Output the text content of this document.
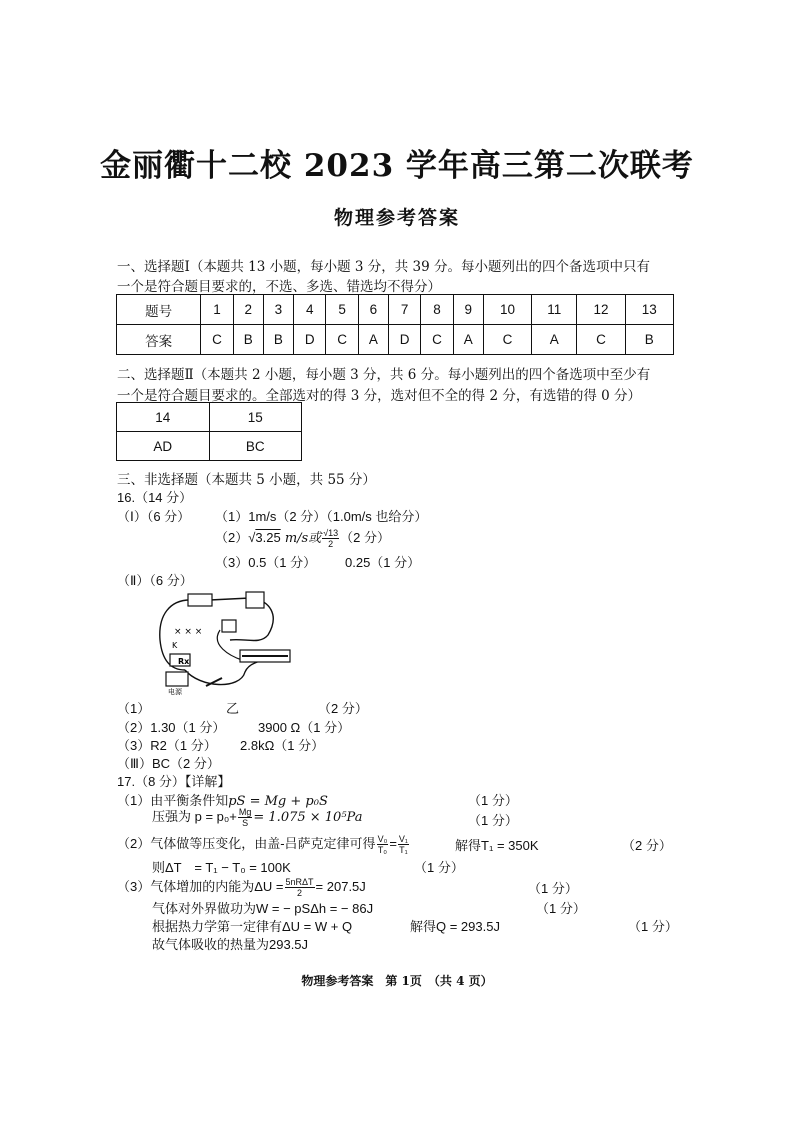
金丽衢十二校 2023 学年高三第二次联考
物理参考答案
一、选择题Ⅰ（本题共 13 小题，每小题 3 分，共 39 分。每小题列出的四个备选项中只有
一个是符合题目要求的，不选、多选、错选均不得分）
题号	1	2	3	4	5	6	7	8	9	10	11	12	13
答案	C	B	B	D	C	A	D	C	A	C	A	C	B
二、选择题Ⅱ（本题共 2 小题，每小题 3 分，共 6 分。每小题列出的四个备选项中至少有
一个是符合题目要求的。全部选对的得 3 分，选对但不全的得 2 分，有选错的得 0 分）
14	15
AD	BC
三、非选择题（本题共 5 小题，共 55 分）
16.（14 分）
（Ⅰ）（6 分） （1）1m/s（2 分）（1.0m/s 也给分）
（2）√3.25 m/s或 $\frac{√13}{2} (2$ 分）
（3）0.5（1 分） 0.25（1 分）
（Ⅱ）（6 分）
× × ×
K
Rx
电源
（1）	乙	（2 分）
（2）1.30（1 分）	3900 Ω（1 分）
（3）R2（1 分） 2.8kΩ（1 分）
（Ⅲ）BC（2 分）
17.（8 分）【详解】
（1）由平衡条件知pS = Mg + p₀S	（1 分）
压强为 $p = p_0+ \frac{Mg}{S} = 1.075 \times 10^5Pa$	（1 分）
（2）气体做等压变化，由盖-吕萨克定律可得 $\frac{\text{V₀}}{\text{T₀}} = \frac{\text{V₁}}{\text{T₁}}$	解得T₁ = 350K	（2 分）
则ΔT　= T₁ − T₀ = 100K	（1 分）
（3）气体增加的内能为$\Delta U = \frac{\text{5nRΔT}}{2} = 207.5J$	（1 分）
气体对外界做功为W = − pSΔh = − 86J	（1 分）
根据热力学第一定律有ΔU = W + Q	解得Q = 293.5J	（1 分）
故气体吸收的热量为293.5J
物理参考答案　第 1页　（共 4 页）
